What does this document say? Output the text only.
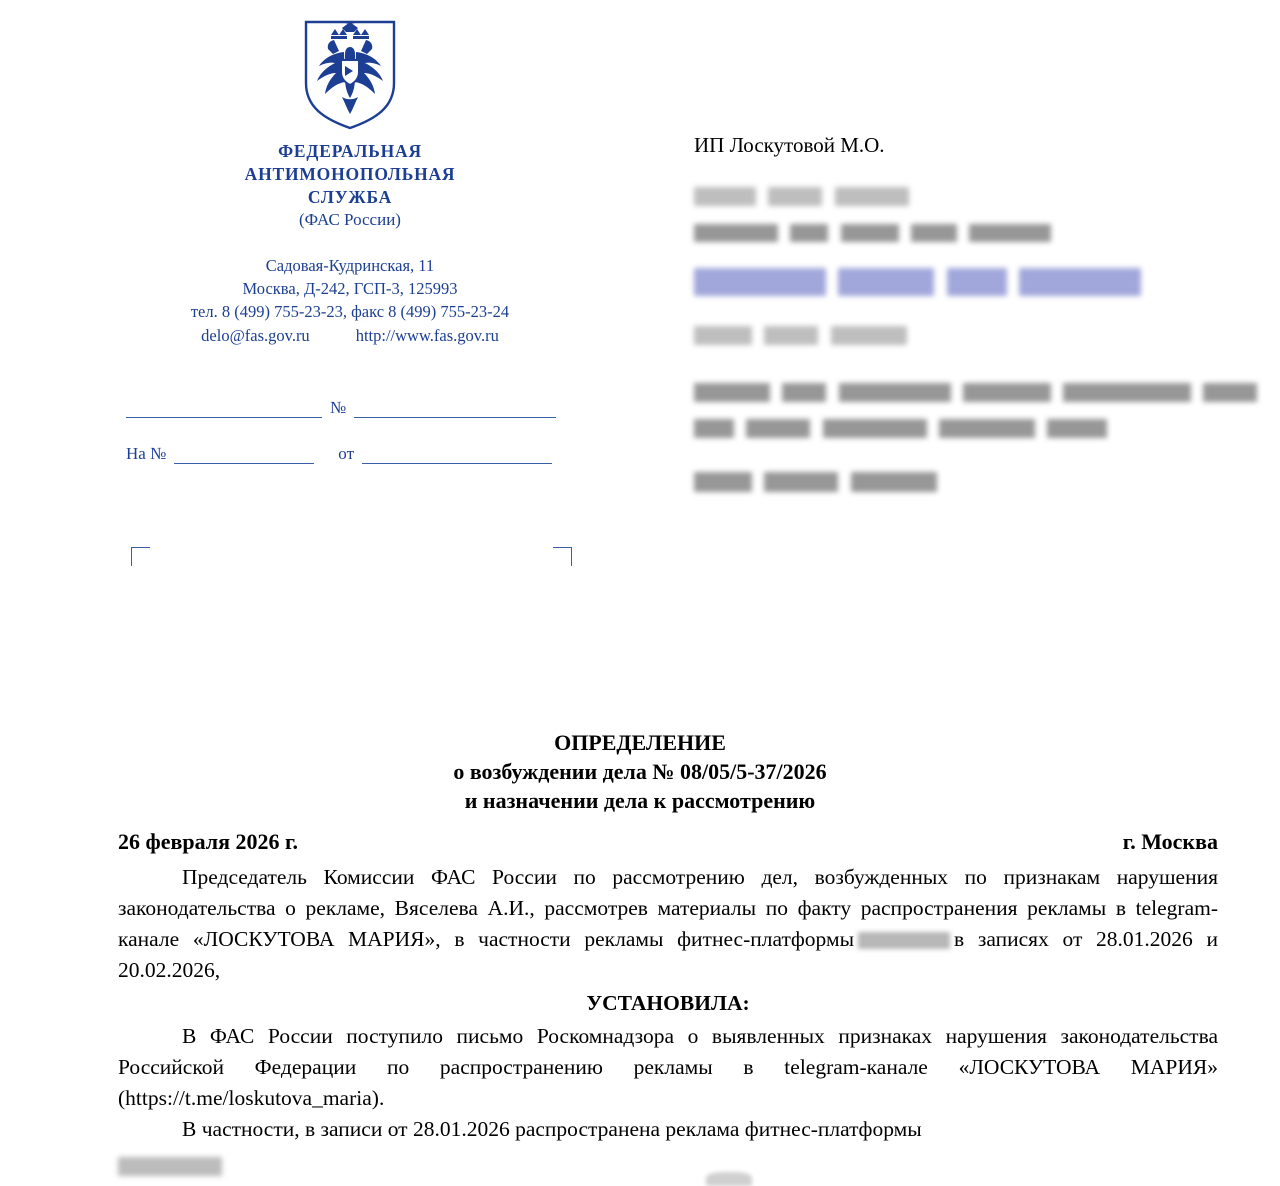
ФЕДЕРАЛЬНАЯ
АНТИМОНОПОЛЬНАЯ
СЛУЖБА
(ФАС России)
Садовая-Кудринская, 11
Москва, Д-242, ГСП-3, 125993
тел. 8 (499) 755-23-23, факс 8 (499) 755-23-24
delo@fas.gov.ru	http://www.fas.gov.ru
№
На №	от
ИП Лоскутовой М.О.

ОПРЕДЕЛЕНИЕ
о возбуждении дела № 08/05/5-37/2026
и назначении дела к рассмотрению
26 февраля 2026 г.	г. Москва

Председатель Комиссии ФАС России по рассмотрению дел, возбужденных по признакам нарушения законодательства о рекламе, Вяселева А.И., рассмотрев материалы по факту распространения рекламы в telegram-канале «ЛОСКУТОВА МАРИЯ», в частности рекламы фитнес-платформы	в записях от 28.01.2026 и 20.02.2026,

УСТАНОВИЛА:

В ФАС России поступило письмо Роскомнадзора о выявленных признаках нарушения законодательства Российской Федерации по распространению рекламы в telegram-канале «ЛОСКУТОВА МАРИЯ» (https://t.me/loskutova_maria).

В частности, в записи от 28.01.2026 распространена реклама фитнес-платформы
